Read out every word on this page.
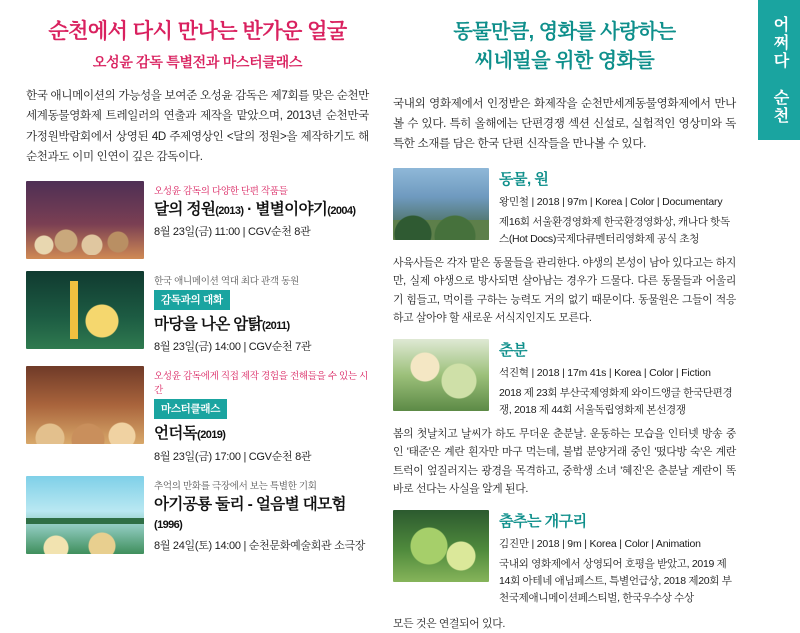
순천에서 다시 만나는 반가운 얼굴
오성윤 감독 특별전과 마스터클래스

한국 애니메이션의 가능성을 보여준 오성윤 감독은 제7회를 맞은 순천만세계동물영화제 트레일러의 연출과 제작을 맡았으며, 2013년 순천만국가정원박람회에서 상영된 4D 주제영상인 <달의 정원>을 제작하기도 해 순천과도 이미 인연이 깊은 감독이다.

오성윤 감독의 다양한 단편 작품들
달의 정원(2013) · 별별이야기(2004)
8월 23일(금) 11:00 | CGV순천 8관
한국 애니메이션 역대 최다 관객 동원
감독과의 대화
마당을 나온 암탉(2011)
8월 23일(금) 14:00 | CGV순천 7관
오성윤 감독에게 직접 제작 경험을 전해들을 수 있는 시간
마스터클래스
언더독(2019)
8월 23일(금) 17:00 | CGV순천 8관
추억의 만화를 극장에서 보는 특별한 기회
아기공룡 둘리 - 얼음별 대모험(1996)
8월 24일(토) 14:00 | 순천문화예술회관 소극장
동물만큼, 영화를 사랑하는
씨네필을 위한 영화들

국내외 영화제에서 인정받은 화제작을 순천만세계동물영화제에서 만나볼 수 있다. 특히 올해에는 단편경쟁 섹션 신설로, 실험적인 영상미와 독특한 소재를 담은 한국 단편 신작들을 만나볼 수 있다.

동물, 원
왕민철 | 2018 | 97m | Korea | Color | Documentary
제16회 서울환경영화제 한국환경영화상, 캐나다 핫독스(Hot Docs)국제다큐멘터리영화제 공식 초청
사육사들은 각자 맡은 동물들을 관리한다. 야생의 본성이 남아 있다고는 하지만, 실제 야생으로 방사되면 살아남는 경우가 드물다. 다른 동물들과 어울리기 힘들고, 먹이를 구하는 능력도 거의 없기 때문이다. 동물원은 그들이 적응하고 살아야 할 새로운 서식지인지도 모른다.
춘분
석진혁 | 2018 | 17m 41s | Korea | Color | Fiction
2018 제 23회 부산국제영화제 와이드앵글 한국단편경쟁, 2018 제 44회 서울독립영화제 본선경쟁
봄의 첫날치고 날씨가 하도 무더운 춘분날. 운동하는 모습을 인터넷 방송 중인 '태준'은 계란 흰자만 마구 먹는데, 불법 분양거래 중인 '떴다방 숙'은 계란트럭이 엎질러지는 광경을 목격하고, 중학생 소녀 '혜진'은 춘분날 계란이 똑바로 선다는 사실을 알게 된다.
춤추는 개구리
김진만 | 2018 | 9m | Korea | Color | Animation
국내외 영화제에서 상영되어 호평을 받았고, 2019 제14회 아테네 애님페스트, 특별언급상, 2018 제20회 부천국제애니메이션페스티벌, 한국우수상 수상
모든 것은 연결되어 있다.
어쩌다 순천
